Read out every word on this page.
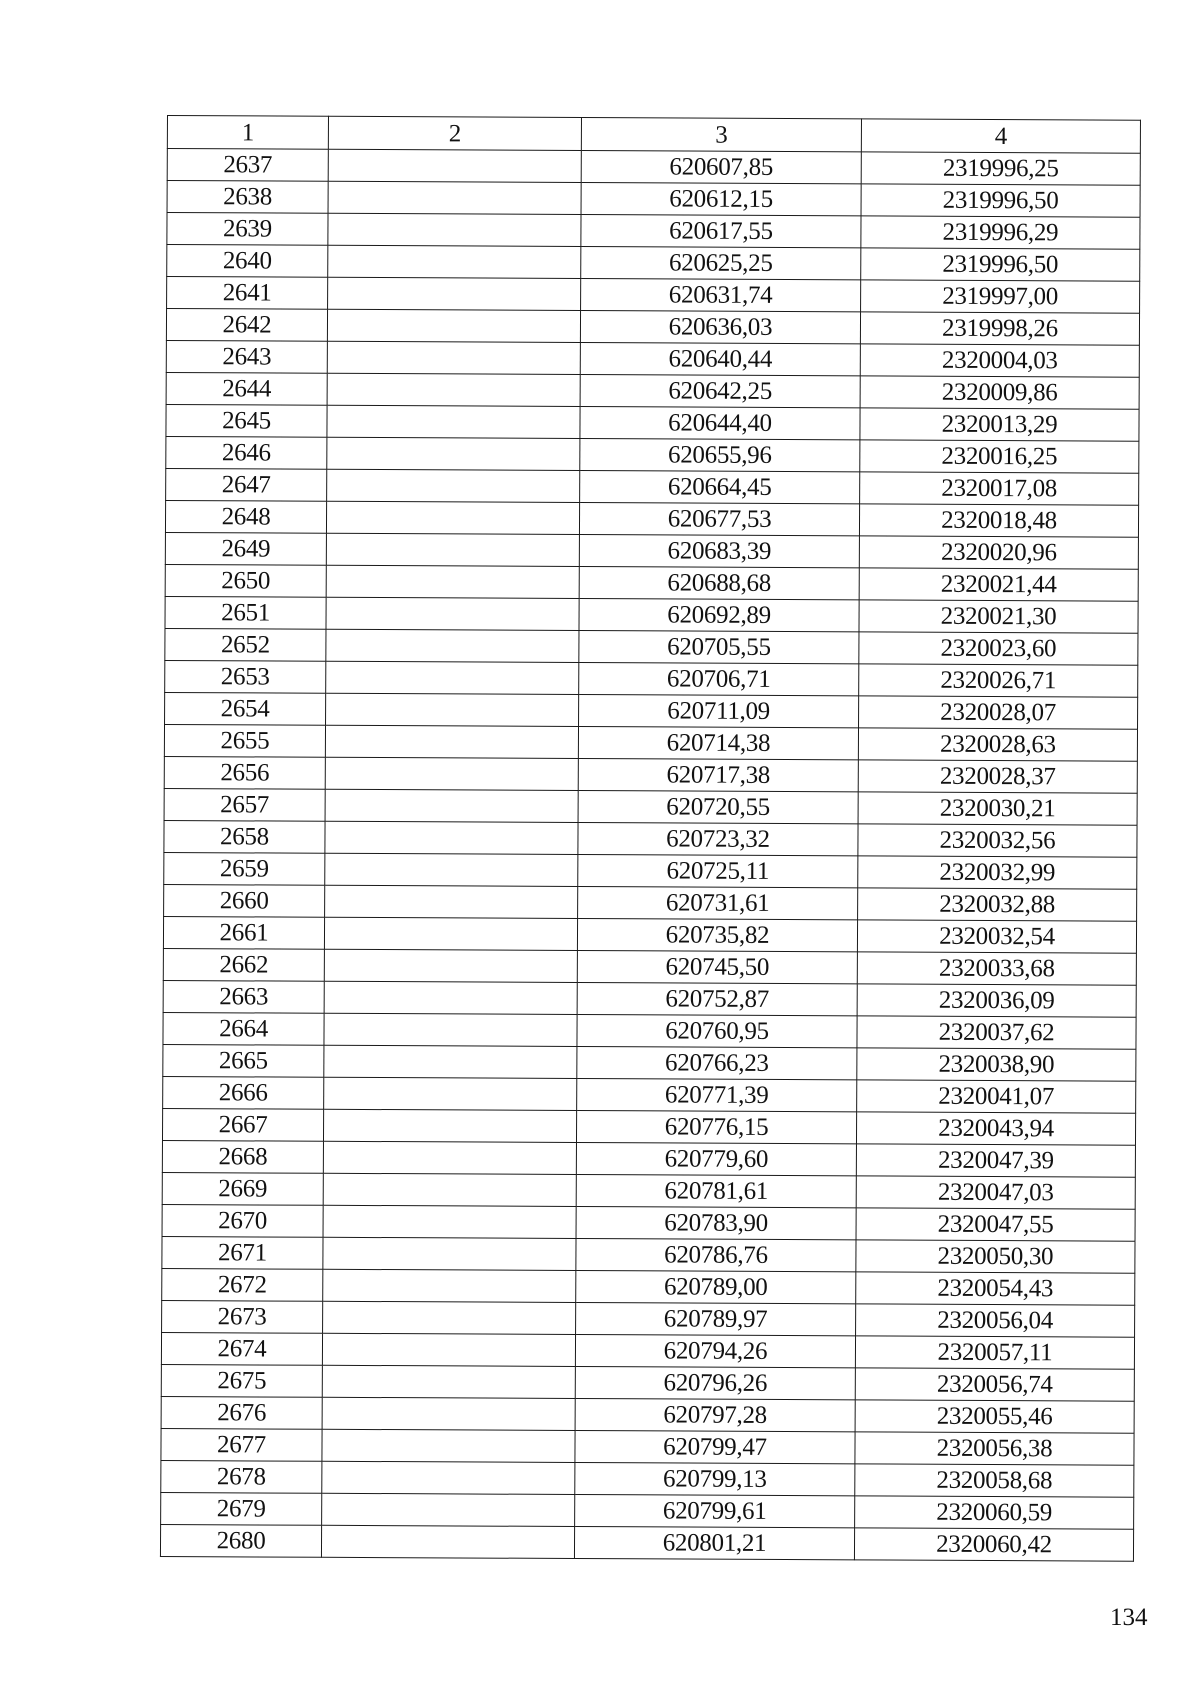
1	2	3	4
2637		620607,85	2319996,25
2638		620612,15	2319996,50
2639		620617,55	2319996,29
2640		620625,25	2319996,50
2641		620631,74	2319997,00
2642		620636,03	2319998,26
2643		620640,44	2320004,03
2644		620642,25	2320009,86
2645		620644,40	2320013,29
2646		620655,96	2320016,25
2647		620664,45	2320017,08
2648		620677,53	2320018,48
2649		620683,39	2320020,96
2650		620688,68	2320021,44
2651		620692,89	2320021,30
2652		620705,55	2320023,60
2653		620706,71	2320026,71
2654		620711,09	2320028,07
2655		620714,38	2320028,63
2656		620717,38	2320028,37
2657		620720,55	2320030,21
2658		620723,32	2320032,56
2659		620725,11	2320032,99
2660		620731,61	2320032,88
2661		620735,82	2320032,54
2662		620745,50	2320033,68
2663		620752,87	2320036,09
2664		620760,95	2320037,62
2665		620766,23	2320038,90
2666		620771,39	2320041,07
2667		620776,15	2320043,94
2668		620779,60	2320047,39
2669		620781,61	2320047,03
2670		620783,90	2320047,55
2671		620786,76	2320050,30
2672		620789,00	2320054,43
2673		620789,97	2320056,04
2674		620794,26	2320057,11
2675		620796,26	2320056,74
2676		620797,28	2320055,46
2677		620799,47	2320056,38
2678		620799,13	2320058,68
2679		620799,61	2320060,59
2680		620801,21	2320060,42
134
